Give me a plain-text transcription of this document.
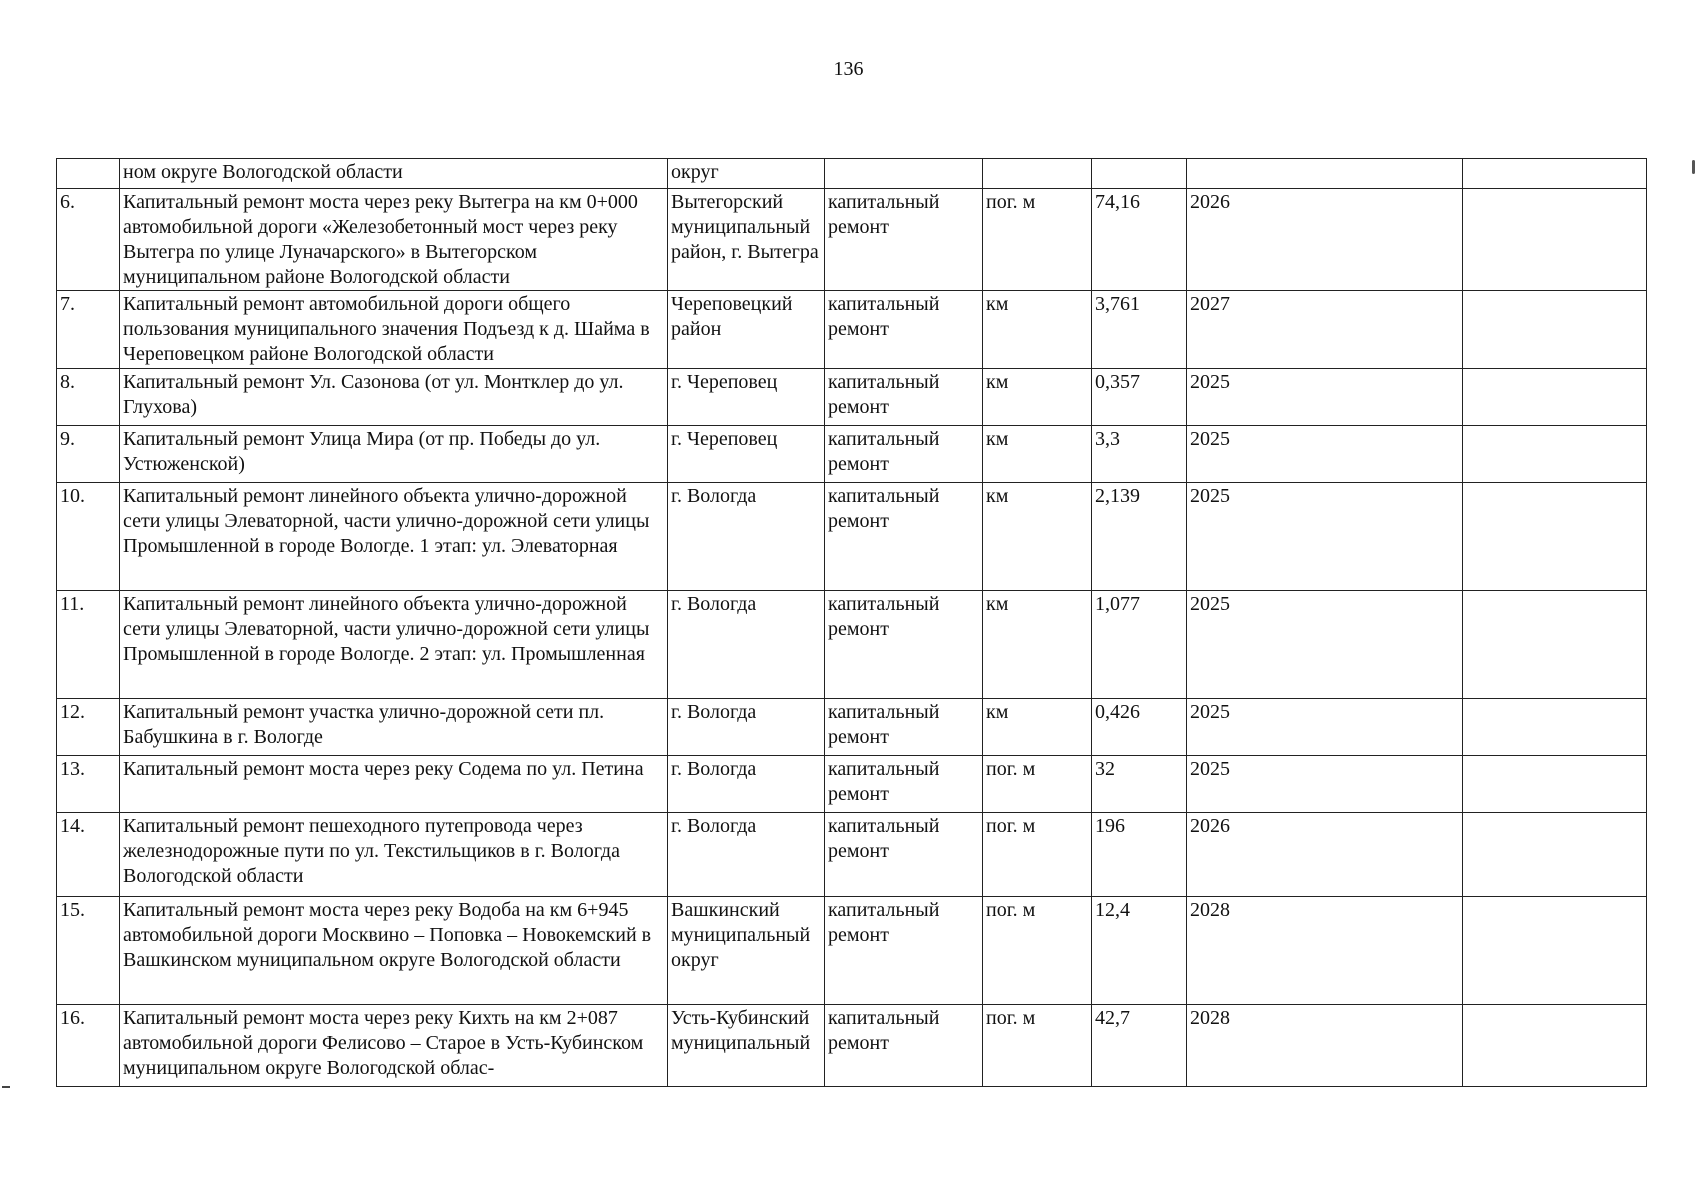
136
	ном округе Вологодской области	округ					
6.	Капитальный ремонт моста через реку Вытегра на км 0+000 автомобильной дороги «Железобетонный мост через реку Вытегра по улице Луначарского» в Вытегорском муниципальном районе Вологодской области	Вытегорский муниципальный район, г. Вытегра	капитальный ремонт	пог. м	74,16	2026	
7.	Капитальный ремонт автомобильной дороги общего пользования муниципального значения Подъезд к д. Шайма в Череповецком районе Вологодской области	Череповецкий район	капитальный ремонт	км	3,761	2027	
8.	Капитальный ремонт Ул. Сазонова (от ул. Монтклер до ул. Глухова)	г. Череповец	капитальный ремонт	км	0,357	2025	
9.	Капитальный ремонт Улица Мира (от пр. Победы до ул. Устюженской)	г. Череповец	капитальный ремонт	км	3,3	2025	
10.	Капитальный ремонт линейного объекта улично-дорожной сети улицы Элеваторной, части улично-дорожной сети улицы Промышленной в городе Вологде. 1 этап: ул. Элеваторная	г. Вологда	капитальный ремонт	км	2,139	2025	
11.	Капитальный ремонт линейного объекта улично-дорожной сети улицы Элеваторной, части улично-дорожной сети улицы Промышленной в городе Вологде. 2 этап: ул. Промышленная	г. Вологда	капитальный ремонт	км	1,077	2025	
12.	Капитальный ремонт участка улично-дорожной сети пл. Бабушкина в г. Вологде	г. Вологда	капитальный ремонт	км	0,426	2025	
13.	Капитальный ремонт моста через реку Содема по ул. Петина	г. Вологда	капитальный ремонт	пог. м	32	2025	
14.	Капитальный ремонт пешеходного путепровода через железнодорожные пути по ул. Текстильщиков в г. Вологда Вологодской области	г. Вологда	капитальный ремонт	пог. м	196	2026	
15.	Капитальный ремонт моста через реку Водоба на км 6+945 автомобильной дороги Москвино – Поповка – Новокемский в Вашкинском муниципальном округе Вологодской области	Вашкинский муниципальный округ	капитальный ремонт	пог. м	12,4	2028	
16.	Капитальный ремонт моста через реку Кихть на км 2+087 автомобильной дороги Фелисово – Старое в Усть-Кубинском муниципальном округе Вологодской облас-	Усть-Кубинский муниципальный	капитальный ремонт	пог. м	42,7	2028	
